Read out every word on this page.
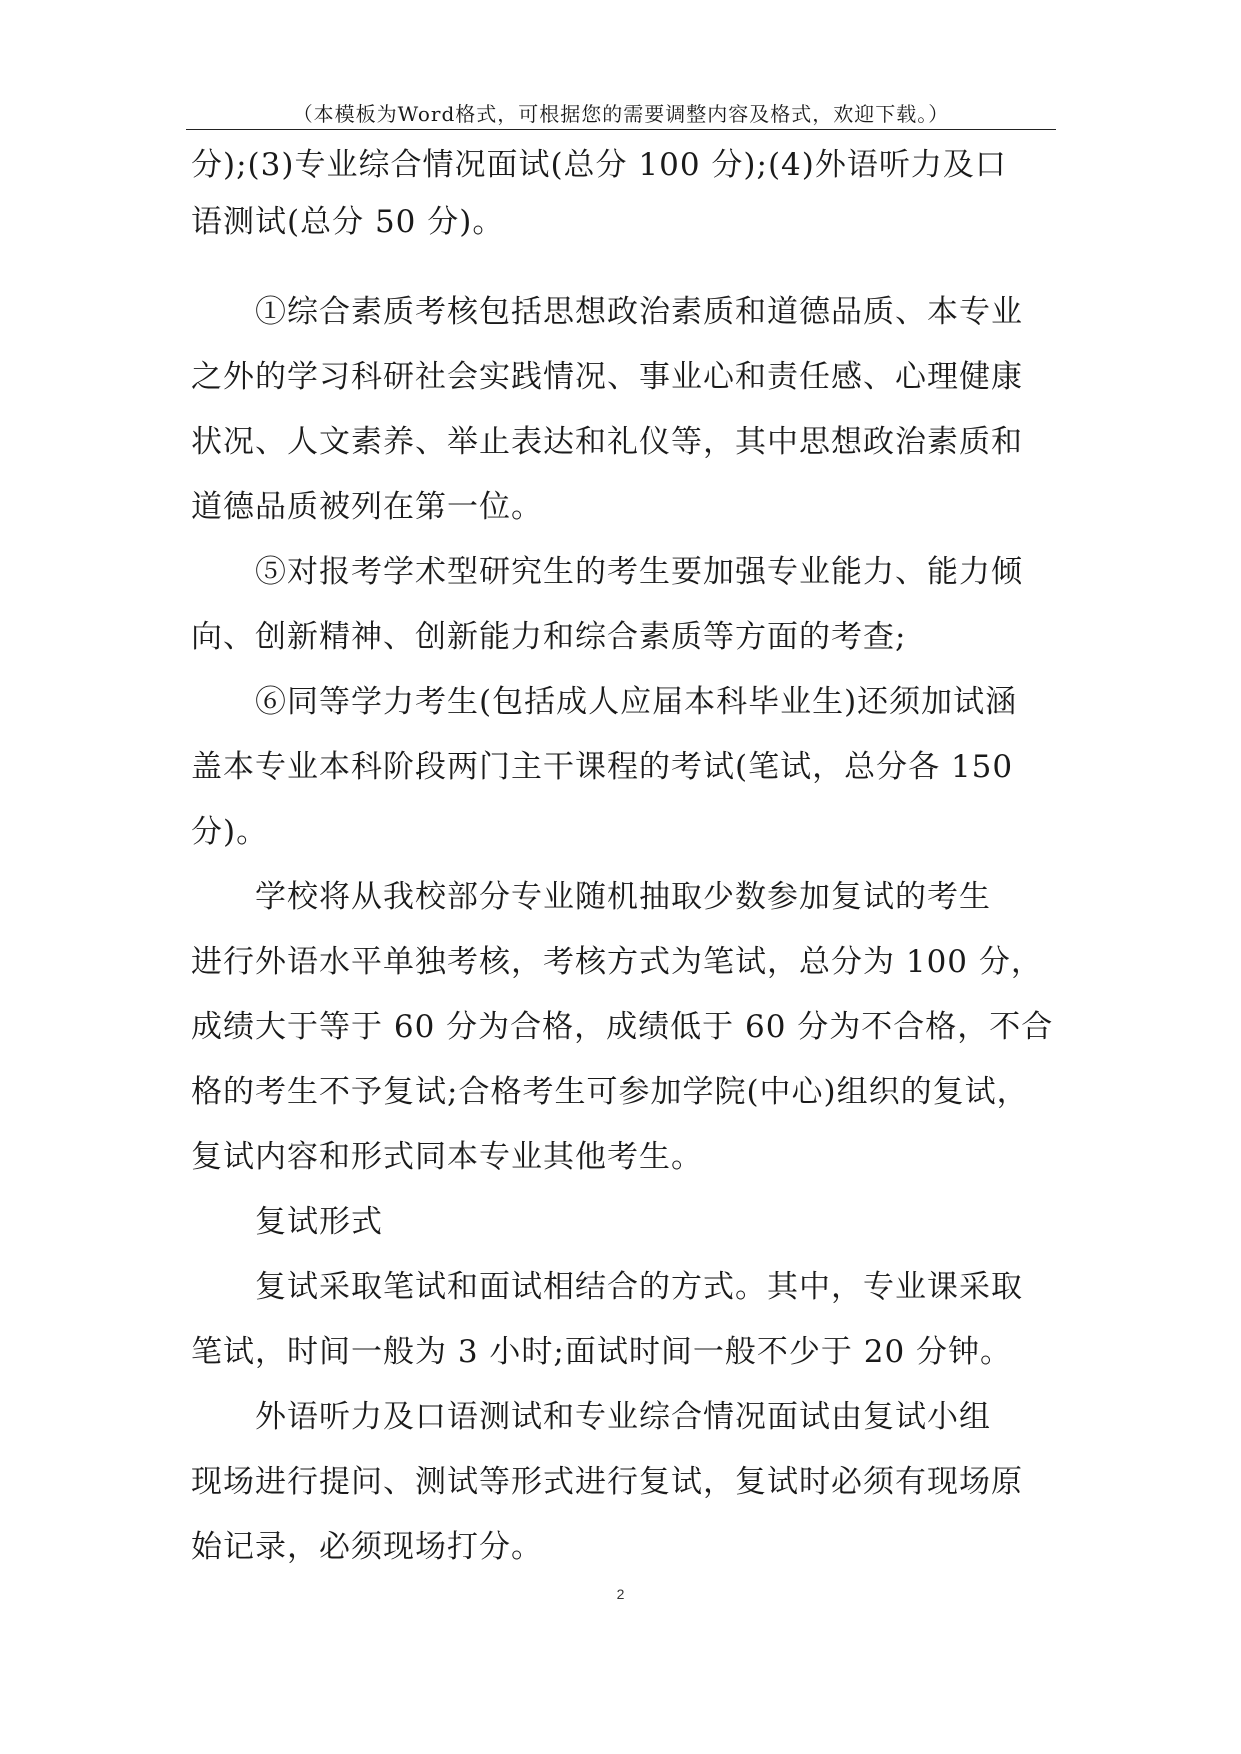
（本模板为Word格式，可根据您的需要调整内容及格式，欢迎下载。）
分);(3)专业综合情况面试(总分 100 分);(4)外语听力及口
语测试(总分 50 分)。
①综合素质考核包括思想政治素质和道德品质、本专业
之外的学习科研社会实践情况、事业心和责任感、心理健康
状况、人文素养、举止表达和礼仪等，其中思想政治素质和
道德品质被列在第一位。
⑤对报考学术型研究生的考生要加强专业能力、能力倾
向、创新精神、创新能力和综合素质等方面的考查;
⑥同等学力考生(包括成人应届本科毕业生)还须加试涵
盖本专业本科阶段两门主干课程的考试(笔试，总分各 150
分)。
学校将从我校部分专业随机抽取少数参加复试的考生
进行外语水平单独考核，考核方式为笔试，总分为 100 分，
成绩大于等于 60 分为合格，成绩低于 60 分为不合格，不合
格的考生不予复试;合格考生可参加学院(中心)组织的复试，
复试内容和形式同本专业其他考生。
复试形式
复试采取笔试和面试相结合的方式。其中，专业课采取
笔试，时间一般为 3 小时;面试时间一般不少于 20 分钟。
外语听力及口语测试和专业综合情况面试由复试小组
现场进行提问、测试等形式进行复试，复试时必须有现场原
始记录，必须现场打分。
2
